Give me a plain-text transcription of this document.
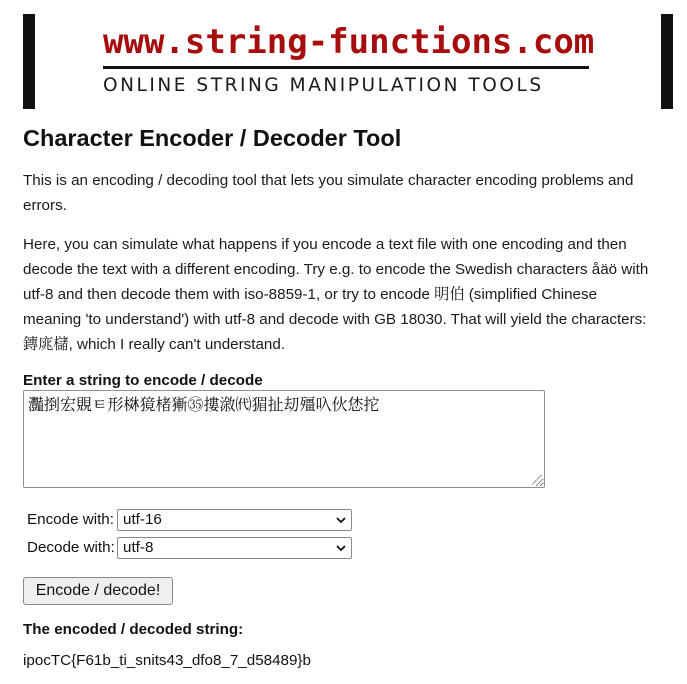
www.string-functions.com
ONLINE STRING MANIPULATION TOOLS
Character Encoder / Decoder Tool

This is an encoding / decoding tool that lets you simulate character encoding problems and errors.

Here, you can simulate what happens if you encode a text file with one encoding and then decode the text with a different encoding. Try e.g. to encode the Swedish characters åäö with utf-8 and then decode them with iso-8859-1, or try to encode 明伯 (simplified Chinese meaning 'to understand') with utf-8 and decode with GB 18030. That will yield the characters: 鏄庣櫧, which I really can't understand.

Enter a string to encode / decode
灩捯宏覞ㅌ形棥獍楮獑㉟摟漵㈹猸扯刧殭叺伙恷拕
Encode with: utf-16
Decode with: utf-8
Encode / decode!
The encoded / decoded string:
ipocTC{F61b_ti_snits43_dfo8_7_d58489}b
